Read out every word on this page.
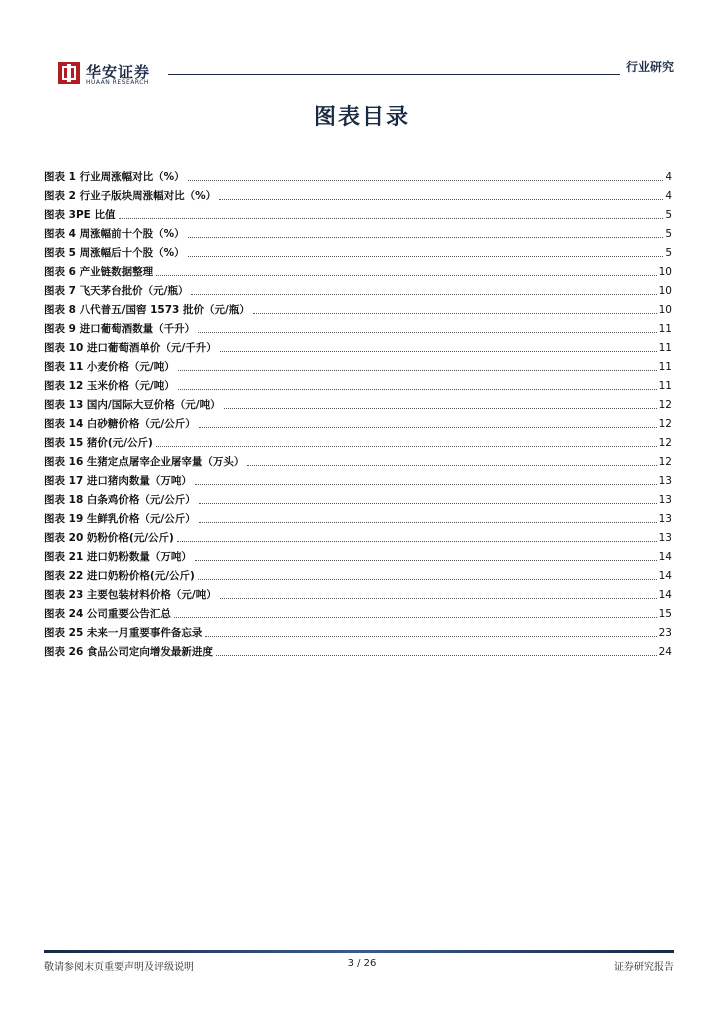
华安证券
HUAAN RESEARCH
行业研究
图表目录
图表 1 行业周涨幅对比（%）	4
图表 2 行业子版块周涨幅对比（%）	4
图表 3PE 比值	5
图表 4 周涨幅前十个股（%）	5
图表 5 周涨幅后十个股（%）	5
图表 6 产业链数据整理	10
图表 7 飞天茅台批价（元/瓶）	10
图表 8 八代普五/国窖 1573 批价（元/瓶）	10
图表 9 进口葡萄酒数量（千升）	11
图表 10 进口葡萄酒单价（元/千升）	11
图表 11 小麦价格（元/吨）	11
图表 12 玉米价格（元/吨）	11
图表 13 国内/国际大豆价格（元/吨）	12
图表 14 白砂糖价格（元/公斤）	12
图表 15 猪价(元/公斤)	12
图表 16 生猪定点屠宰企业屠宰量（万头）	12
图表 17 进口猪肉数量（万吨）	13
图表 18 白条鸡价格（元/公斤）	13
图表 19 生鲜乳价格（元/公斤）	13
图表 20 奶粉价格(元/公斤)	13
图表 21 进口奶粉数量（万吨）	14
图表 22 进口奶粉价格(元/公斤)	14
图表 23 主要包装材料价格（元/吨）	14
图表 24 公司重要公告汇总	15
图表 25 未来一月重要事件备忘录	23
图表 26 食品公司定向增发最新进度	24
敬请参阅末页重要声明及评级说明	3 / 26	证券研究报告
